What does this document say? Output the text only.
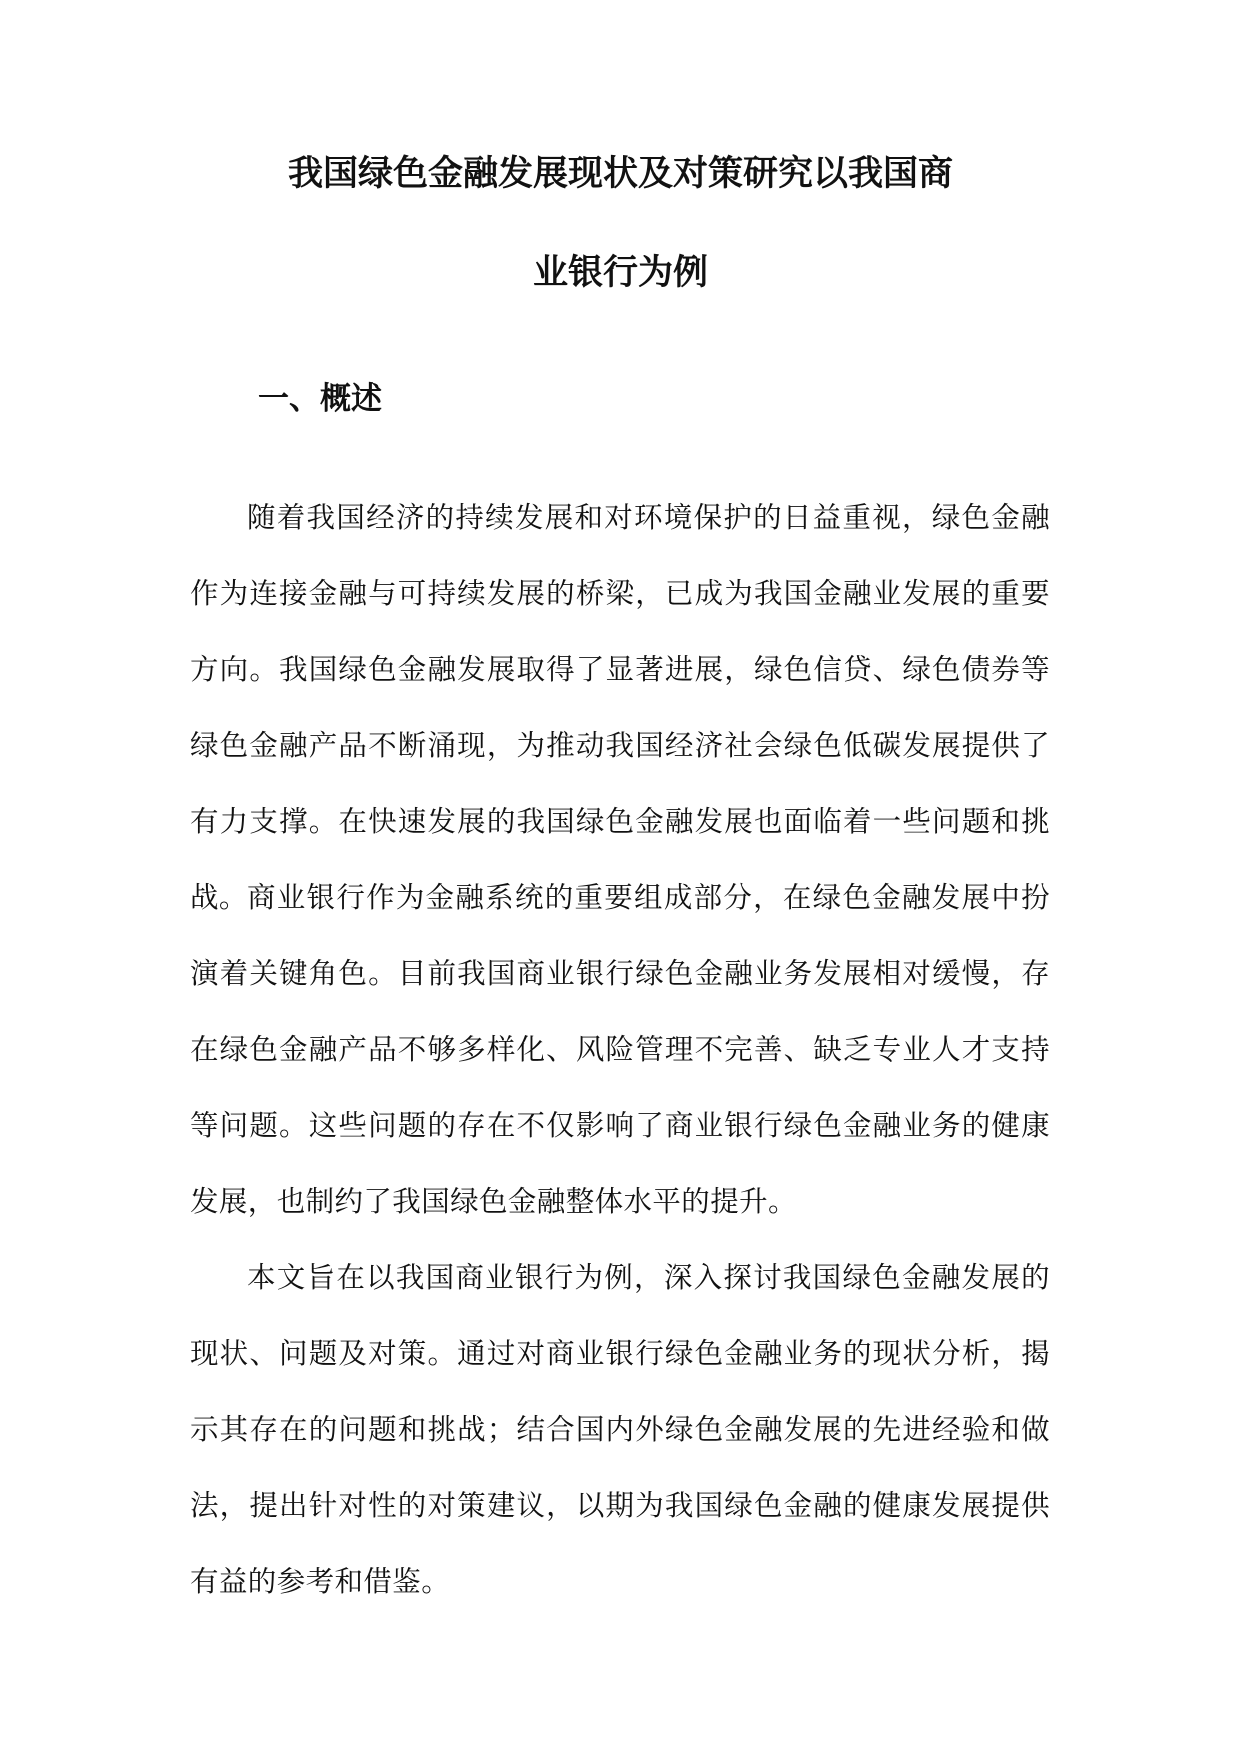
我国绿色金融发展现状及对策研究以我国商
业银行为例
一、概述

随着我国经济的持续发展和对环境保护的日益重视，绿色金融作为连接金融与可持续发展的桥梁，已成为我国金融业发展的重要方向。我国绿色金融发展取得了显著进展，绿色信贷、绿色债券等绿色金融产品不断涌现，为推动我国经济社会绿色低碳发展提供了有力支撑。在快速发展的我国绿色金融发展也面临着一些问题和挑战。 商业银行作为金融系统的重要组成部分，在绿色金融发展中扮演着关键角色。目前我国商业银行绿色金融业务发展相对缓慢，存在绿色金融产品不够多样化、风险管理不完善、缺乏专业人才支持等问题。这些问题的存在不仅影响了商业银行绿色金融业务的健康发展，也制约了我国绿色金融整体水平的提升。

本文旨在以我国商业银行为例，深入探讨我国绿色金融发展的现状、问题及对策。通过对商业银行绿色金融业务的现状分析，揭示其存在的问题和挑战；结合国内外绿色金融发展的先进经验和做法，提出针对性的对策建议，以期为我国绿色金融的健康发展提供有益的参考和借鉴。
